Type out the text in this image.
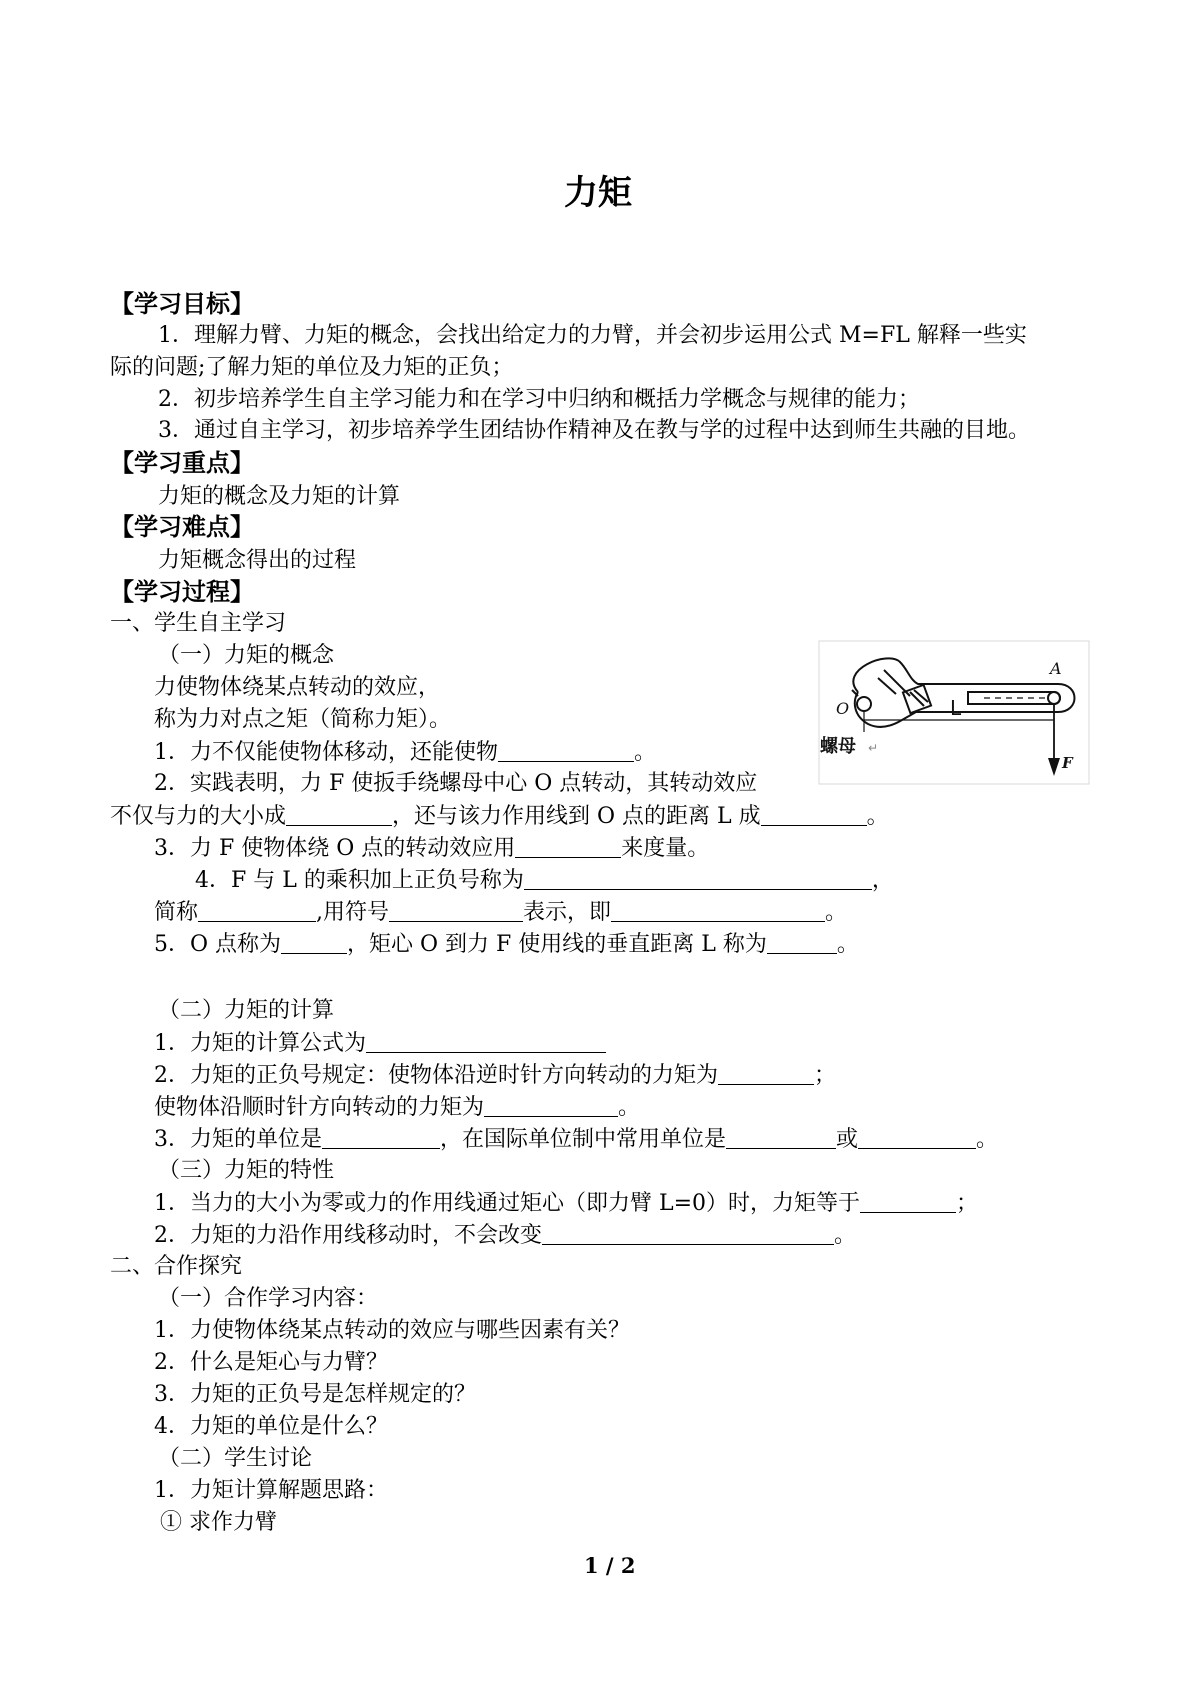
力矩
【学习目标】
1．理解力臂、力矩的概念，会找出给定力的力臂，并会初步运用公式 M=FL 解释一些实
际的问题;了解力矩的单位及力矩的正负；
2．初步培养学生自主学习能力和在学习中归纳和概括力学概念与规律的能力；
3．通过自主学习，初步培养学生团结协作精神及在教与学的过程中达到师生共融的目地。
【学习重点】
力矩的概念及力矩的计算
【学习难点】
力矩概念得出的过程
【学习过程】
一、学生自主学习
（一）力矩的概念
力使物体绕某点转动的效应，
称为力对点之矩（简称力矩）。
1．力不仅能使物体移动，还能使物	。
2．实践表明，力 F 使扳手绕螺母中心 O 点转动，其转动效应
不仅与力的大小成	，还与该力作用线到 O 点的距离 L 成	。
3．力 F 使物体绕 O 点的转动效应用	来度量。
4．F 与 L 的乘积加上正负号称为	，
简称	,用符号	表示，即	。
5．O 点称为	，矩心 O 到力 F 使用线的垂直距离 L 称为	。
（二）力矩的计算
1．力矩的计算公式为
2．力矩的正负号规定：使物体沿逆时针方向转动的力矩为	；
使物体沿顺时针方向转动的力矩为	。
3．力矩的单位是	，在国际单位制中常用单位是	或	。
（三）力矩的特性
1．当力的大小为零或力的作用线通过矩心（即力臂 L=0）时，力矩等于	；
2．力矩的力沿作用线移动时，不会改变	。
二、合作探究
（一）合作学习内容：
1．力使物体绕某点转动的效应与哪些因素有关？
2．什么是矩心与力臂？
3．力矩的正负号是怎样规定的？
4．力矩的单位是什么？
（二）学生讨论
1．力矩计算解题思路：
① 求作力臂
1 / 2
A
O	L
F
螺母 ↵
